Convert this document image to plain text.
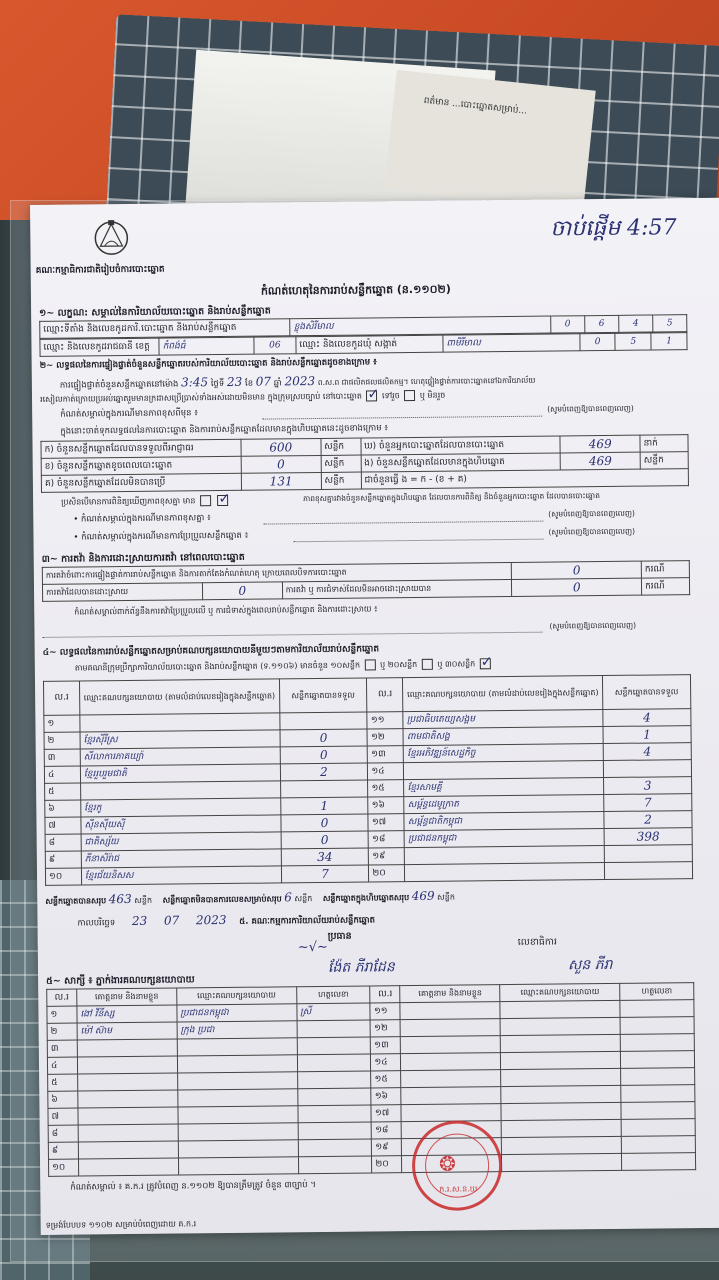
ពត៌មាន ...បោះឆ្នោតសម្រាប់...
គណៈកម្មាធិការជាតិរៀបចំការបោះឆ្នោត
ចាប់ផ្តើម 4:57
កំណត់ហេតុនៃការរាប់សន្លឹកឆ្នោត (ន.១១០២)
១~ លក្ខណ: សម្គាល់នៃការិយាល័យបោះឆ្នោត និងរាប់សន្លឹកឆ្នោត
ឈ្មោះទីតាំង និងលេខកូដការិ.បោះឆ្នោត និងរាប់សន្លឹកឆ្នោត	ខ្លុងសិរីមាល	0	6	4	5
ឈ្មោះ និងលេខកូដរាជធានី ខេត្ត	កំពង់ធំ	06	ឈ្មោះ និងលេខកូដឃុំ សង្កាត់	ពាមិរីមាល	0	5	1
២~ លទ្ធផលនៃការផ្ទៀងផ្ទាត់ចំនួនសន្លឹកឆ្នោតរបស់ការិយាល័យបោះឆ្នោត និងរាប់សន្លឹកឆ្នោតដូចខាងក្រោម ៖
ការផ្ទៀងផ្ទាត់ចំនួនសន្លឹកឆ្នោតនៅម៉ោង 3:45 ថ្ងៃទី 23 ខែ 07 ឆ្នាំ 2023 ព.ស.ព ជាផលិតផលផលិតកម្ម។ ហេតុផ្ទៀងផ្ទាត់ការបោះឆ្នោតនៅឯការិយាល័យ
រសៀលកាត់ក្រោយប្រអប់ឆ្នោតរួមមានក្រដាសប្រើប្រាស់ទាំងអស់ដោយមិនមាន ក្នុងក្រុមស្របច្បាប់ នៅបោះឆ្នោត ✓ ទៅរួច ឬ មិនរួច
កំណត់សម្គាល់ក្នុងករណីមានភាពខុសពីមុន ៖	(សូមបំពេញឱ្យបានពេញលេញ)
ក្នុងនោះចាត់ទុកលទ្ធផលនៃការបោះឆ្នោត និងការរាប់សន្លឹកឆ្នោតដែលមានក្នុងហិបឆ្នោតនេះដូចខាងក្រោម ៖
ក) ចំនួនសន្លឹកឆ្នោតដែលបានទទួលពីអាជ្ញាធរ	600	សន្លឹក	ឃ) ចំនួនអ្នកបោះឆ្នោតដែលបានបោះឆ្នោត	469	នាក់
ខ) ចំនួនសន្លឹកឆ្នោតខូចពេលបោះឆ្នោត	0	សន្លឹក	ង) ចំនួនសន្លឹកឆ្នោតដែលមានក្នុងហិបឆ្នោត	469	សន្លឹក
គ) ចំនួនសន្លឹកឆ្នោតដែលមិនបានប្រើ	131	សន្លឹក	ជាចំនួនធ្វើ ង = ក - (ខ + គ)		
ប្រសិនបើមានការពិនិត្យឃើញភាពខុសគ្នា មាន ✓	ភាពខុសគ្នារវាងចំនួនសន្លឹកឆ្នោតក្នុងហិបឆ្នោត ដែលបានការពិនិត្យ និងចំនួនអ្នកបោះឆ្នោត ដែលបានបោះឆ្នោត
• កំណត់សម្គាល់ក្នុងករណីមានភាពខុសគ្នា ៖	(សូមបំពេញឱ្យបានពេញលេញ)
• កំណត់សម្គាល់ក្នុងករណីមានការប្រែប្រួលសន្លឹកឆ្នោត ៖	(សូមបំពេញឱ្យបានពេញលេញ)
៣~ ការតវ៉ា និងការដោះស្រាយការតវ៉ា នៅពេលបោះឆ្នោត
ការតវ៉ាចំពោះការផ្ទៀងផ្ទាត់ការរាប់សន្លឹកឆ្នោត និងការតាក់តែងកំណត់ហេតុ ក្រោយពេលបិទការបោះឆ្នោត			0	ករណី
ការតវ៉ាដែលបានដោះស្រាយ	0	ការតវ៉ា ឬ ការជំទាស់ដែលមិនអាចដោះស្រាយបាន	0	ករណី
កំណត់សម្គាល់ពាក់ព័ន្ធនឹងការតវ៉ាប្រែប្រួលលើ ឬ ការជំទាស់ក្នុងពេលរាប់សន្លឹកឆ្នោត និងការដោះស្រាយ ៖
(សូមបំពេញឱ្យបានពេញលេញ)
៤~ លទ្ធផលនៃការរាប់សន្លឹកឆ្នោតសម្រាប់គណបក្សនយោបាយនីមួយៗតាមការិយាល័យរាប់សន្លឹកឆ្នោត
តាមគណនីក្រុមប្រឹក្សាការិយាល័យបោះឆ្នោត និងរាប់សន្លឹកឆ្នោត (ទ.១១០៦) មានចំនួន ១០សន្លឹក ឬ ២០សន្លឹក ឬ ៣០សន្លឹក ✓
ល.រ	ឈ្មោះគណបក្សនយោបាយ (តាមលំដាប់លេខរៀងក្នុងសន្លឹកឆ្នោត)	សន្លឹកឆ្នោតបានទទួល	ល.រ	ឈ្មោះគណបក្សនយោបាយ (តាមលំដាប់លេខរៀងក្នុងសន្លឹកឆ្នោត)	សន្លឹកឆ្នោតបានទទួល
១			១១	ប្រជាធិបតេយ្យសង្គម	4
២	ខ្មែរស៊ីរីស្រ	0	១២	ពាមជាតិសង្គ	1
៣	សីលាការភាគឃ្យ៉ា	0	១៣	ខ្មែរអភិវឌ្ឍន៍សេដ្ឋកិច្ច	4
៤	ខ្មែររួបរួមជាតិ	2	១៤		
៥			១៥	ខ្មែរសាមគ្គី	3
៦	ខ្មែរកូ	1	១៦	សម្ព័ន្ធដេមូក្រាត	7
៧	ស៊ីនស៊ីយស៊ី	0	១៧	សម្ព័ន្ធជាតិកម្ពុជា	2
៨	ជាតិស្ស័យ	0	១៨	ប្រជាជនកម្ពុជា	398
៩	ភីនាសិរ៉ាជ	34	១៩		
១០	ខ្មែរជ័យនិសស	7	២០		
សន្លឹកឆ្នោតបានសរុប 463 សន្លឹក សន្លឹកឆ្នោតមិនបានការលេខសម្រាប់សរុប 6 សន្លឹក សន្លឹកឆ្នោតក្នុងហិបឆ្នោតសរុប 469 សន្លឹក
កាលបរិច្ឆេទ 23 07 2023 ៥. គណៈកម្មការការិយាល័យរាប់សន្លឹកឆ្នោត
ប្រធាន
~√~
ង៉ែត ភីរាដែន
លេខាធិការ
សួន ភីរា
៥~ សាក្សី ៖ ភ្នាក់ងារគណបក្សនយោបាយ
ល.រ	គោត្តនាម និងនាមខ្លួន	ឈ្មោះគណបក្សនយោបាយ	ហត្ថលេខា	ល.រ	គោត្តនាម និងនាមខ្លួន	ឈ្មោះគណបក្សនយោបាយ	ហត្ថលេខា
១	ងៅ វីនីស្ស	ប្រជាជនកម្ពុជា	ស្រី	១១			
២	ម៉ៅ ស៊ាម	ក្រុង ប្រជា		១២			
៣				១៣			
៤				១៤			
៥				១៥			
៦				១៦			
៧				១៧			
៨				១៨			
៩				១៩			
១០				២០			
កំណត់សម្គាល់ ៖ គ.ក.រ ត្រូវបំពេញ ន.១១០២ ឱ្យបានត្រឹមត្រូវ ចំនួន ៣ច្បាប់ ។
❂
ក.រ.ស.ន.ឃ
ទម្រង់បែបបទ ១១០២ សម្រាប់បំពេញដោយ គ.ក.រ
